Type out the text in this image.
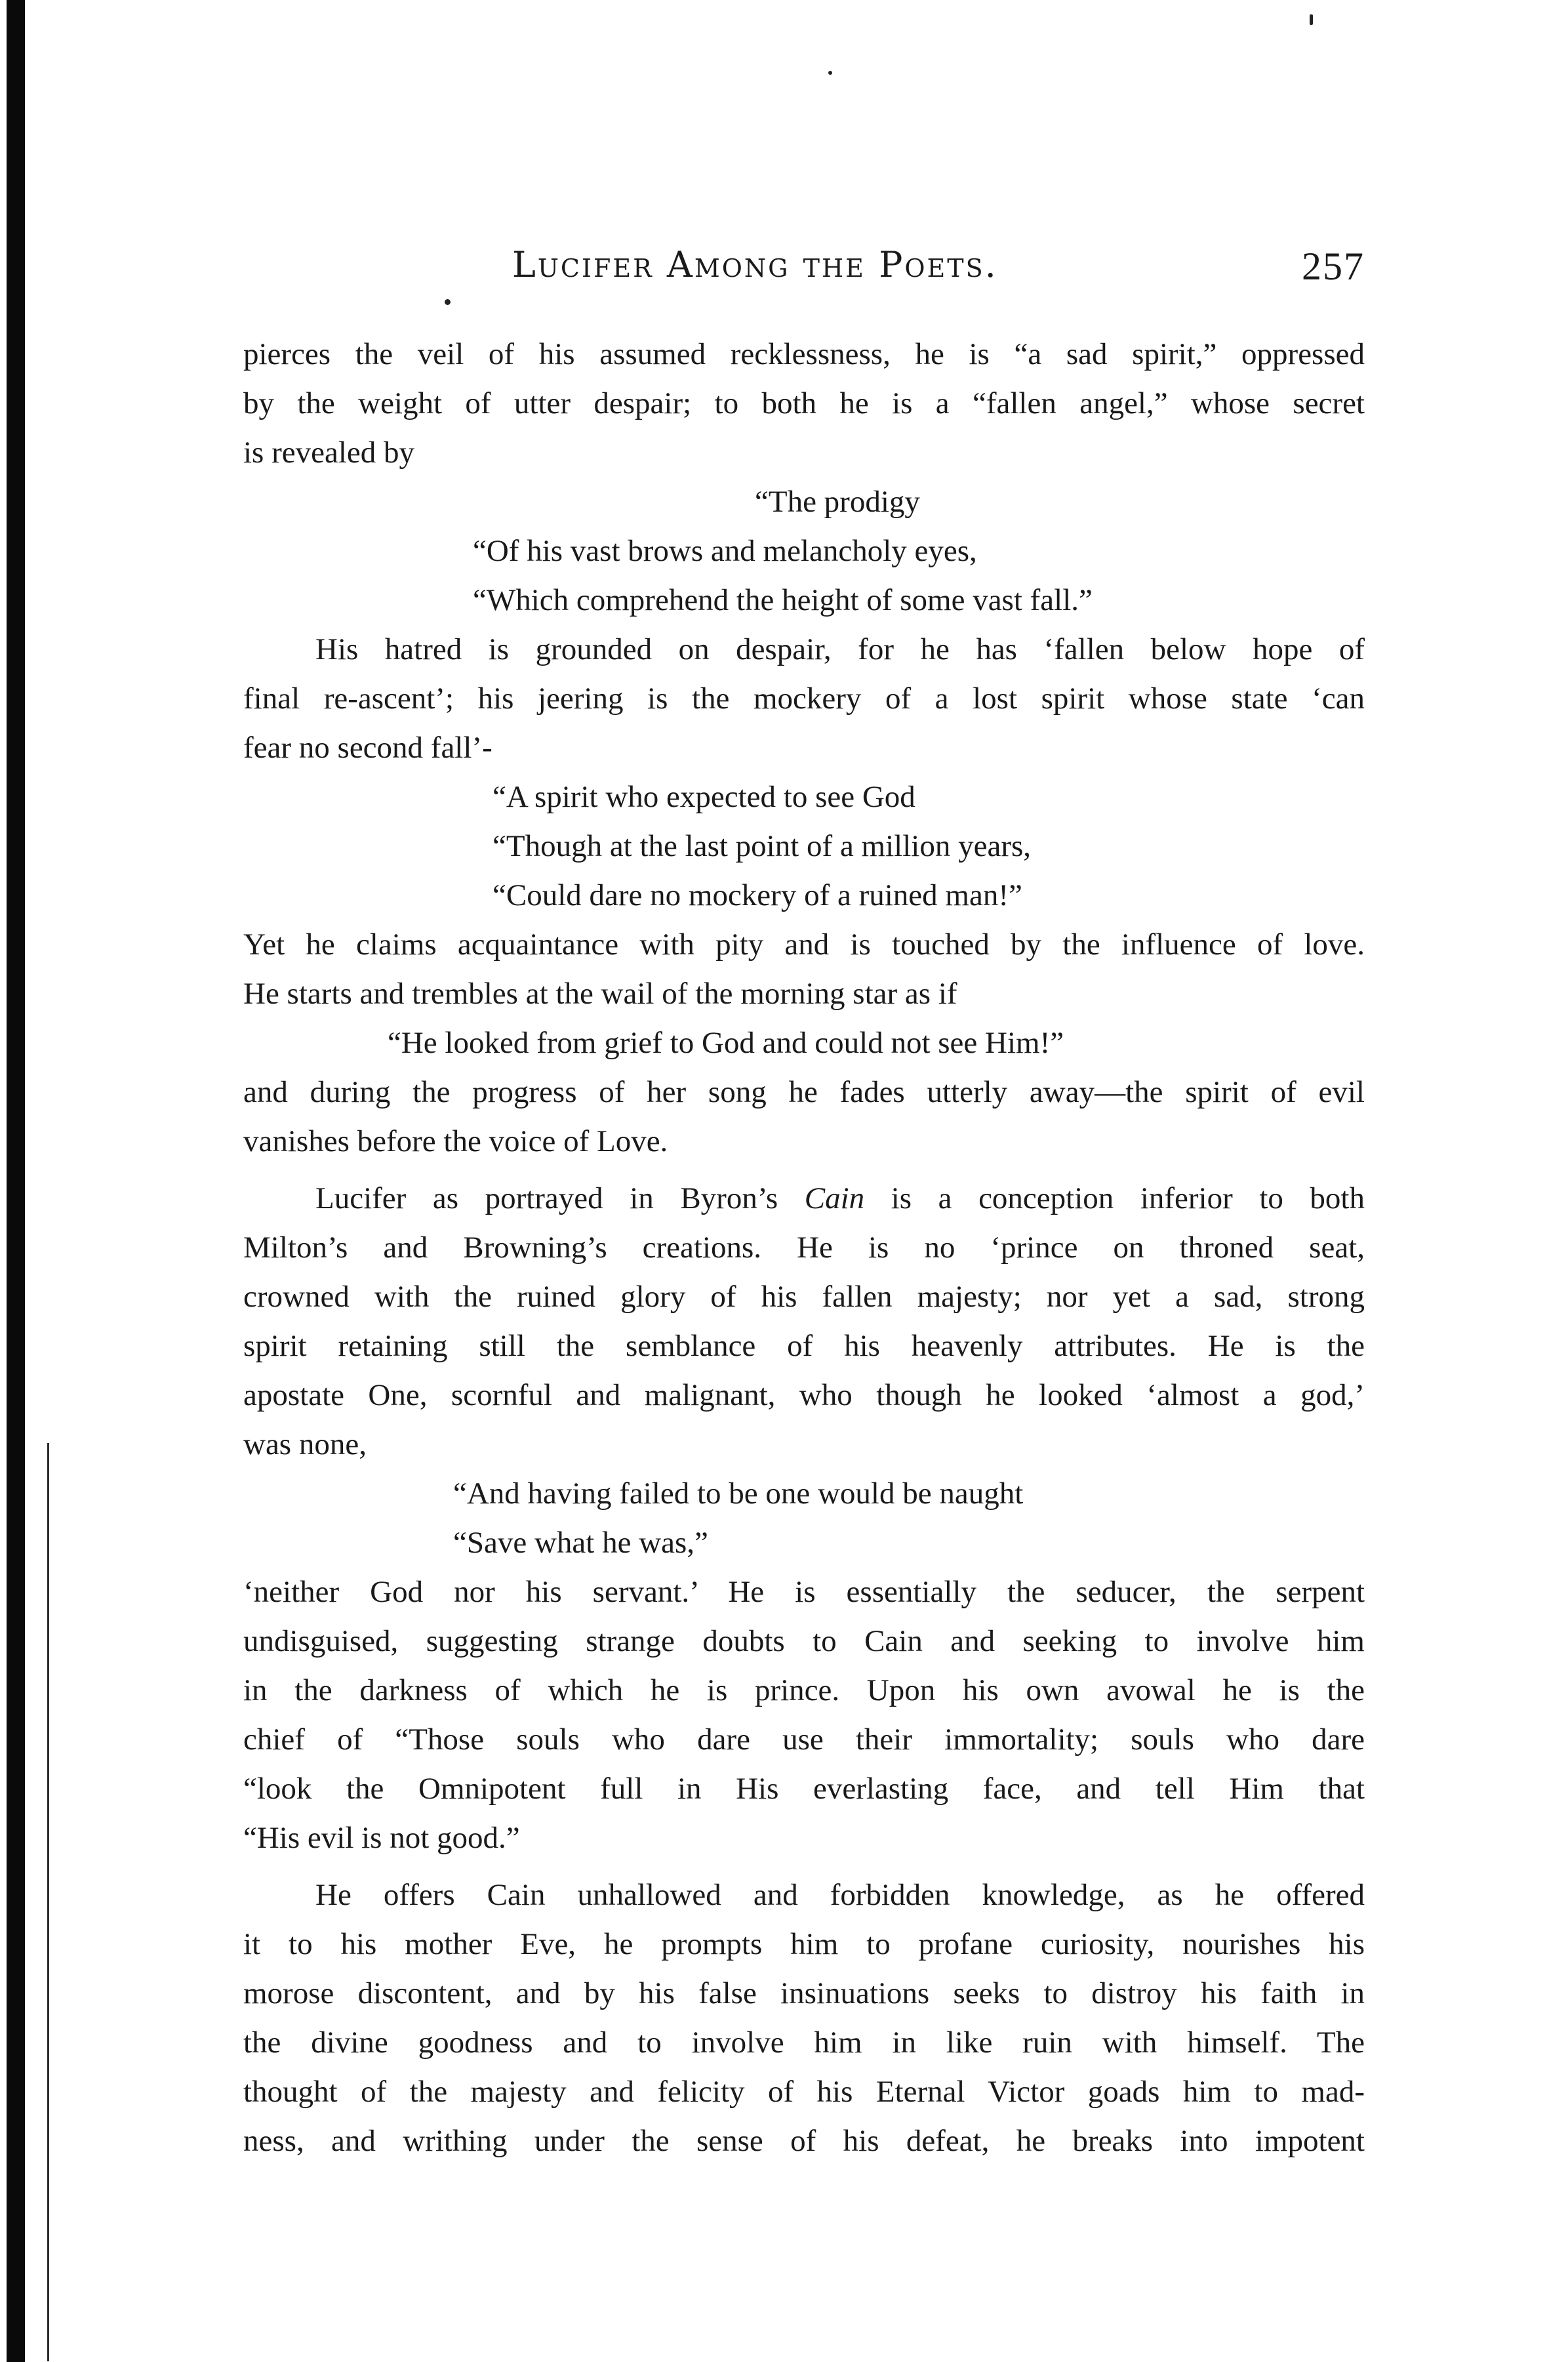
Lucifer Among the Poets.	257
pierces the veil of his assumed recklessness, he is “a sad spirit,” oppressed
by the weight of utter despair; to both he is a “fallen angel,” whose secret
is revealed by
“The prodigy
“Of his vast brows and melancholy eyes,
“Which comprehend the height of some vast fall.”
His hatred is grounded on despair, for he has ‘fallen below hope of
final re-ascent’; his jeering is the mockery of a lost spirit whose state ‘can
fear no second fall’-
“A spirit who expected to see God
“Though at the last point of a million years,
“Could dare no mockery of a ruined man!”
Yet he claims acquaintance with pity and is touched by the influence of love.
He starts and trembles at the wail of the morning star as if
“He looked from grief to God and could not see Him!”
and during the progress of her song he fades utterly away—the spirit of evil
vanishes before the voice of Love.
Lucifer as portrayed in Byron’s Cain is a conception inferior to both
Milton’s and Browning’s creations. He is no ‘prince on throned seat,
crowned with the ruined glory of his fallen majesty; nor yet a sad, strong
spirit retaining still the semblance of his heavenly attributes. He is the
apostate One, scornful and malignant, who though he looked ‘almost a god,’
was none,
“And having failed to be one would be naught
“Save what he was,”
‘neither God nor his servant.’ He is essentially the seducer, the serpent
undisguised, suggesting strange doubts to Cain and seeking to involve him
in the darkness of which he is prince. Upon his own avowal he is the
chief of “Those souls who dare use their immortality; souls who dare
“look the Omnipotent full in His everlasting face, and tell Him that
“His evil is not good.”
He offers Cain unhallowed and forbidden knowledge, as he offered
it to his mother Eve, he prompts him to profane curiosity, nourishes his
morose discontent, and by his false insinuations seeks to distroy his faith in
the divine goodness and to involve him in like ruin with himself. The
thought of the majesty and felicity of his Eternal Victor goads him to mad-
ness, and writhing under the sense of his defeat, he breaks into impotent
